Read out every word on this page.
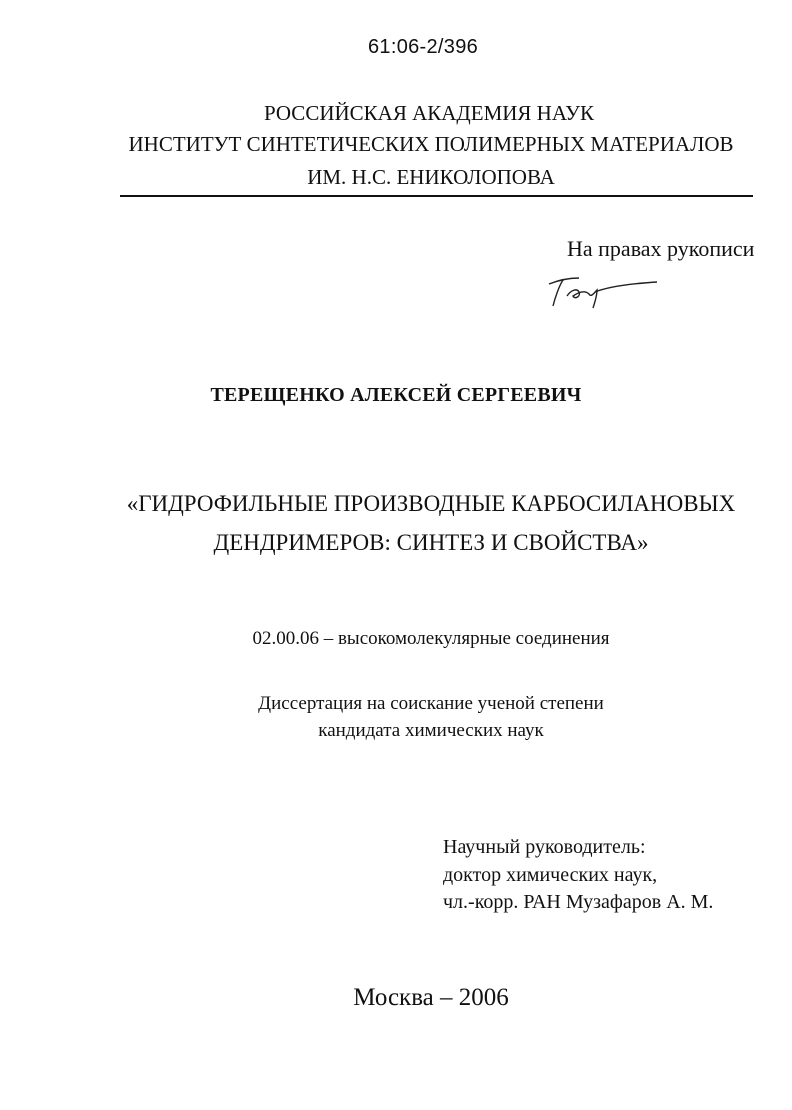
61:06-2/396
РОССИЙСКАЯ АКАДЕМИЯ НАУК
ИНСТИТУТ СИНТЕТИЧЕСКИХ ПОЛИМЕРНЫХ МАТЕРИАЛОВ
ИМ. Н.С. ЕНИКОЛОПОВА
На правах рукописи
ТЕРЕЩЕНКО АЛЕКСЕЙ СЕРГЕЕВИЧ
«ГИДРОФИЛЬНЫЕ ПРОИЗВОДНЫЕ КАРБОСИЛАНОВЫХ
ДЕНДРИМЕРОВ: СИНТЕЗ И СВОЙСТВА»
02.00.06 – высокомолекулярные соединения
Диссертация на соискание ученой степени
кандидата химических наук
Научный руководитель:
доктор химических наук,
чл.-корр. РАН Музафаров А. М.
Москва – 2006
